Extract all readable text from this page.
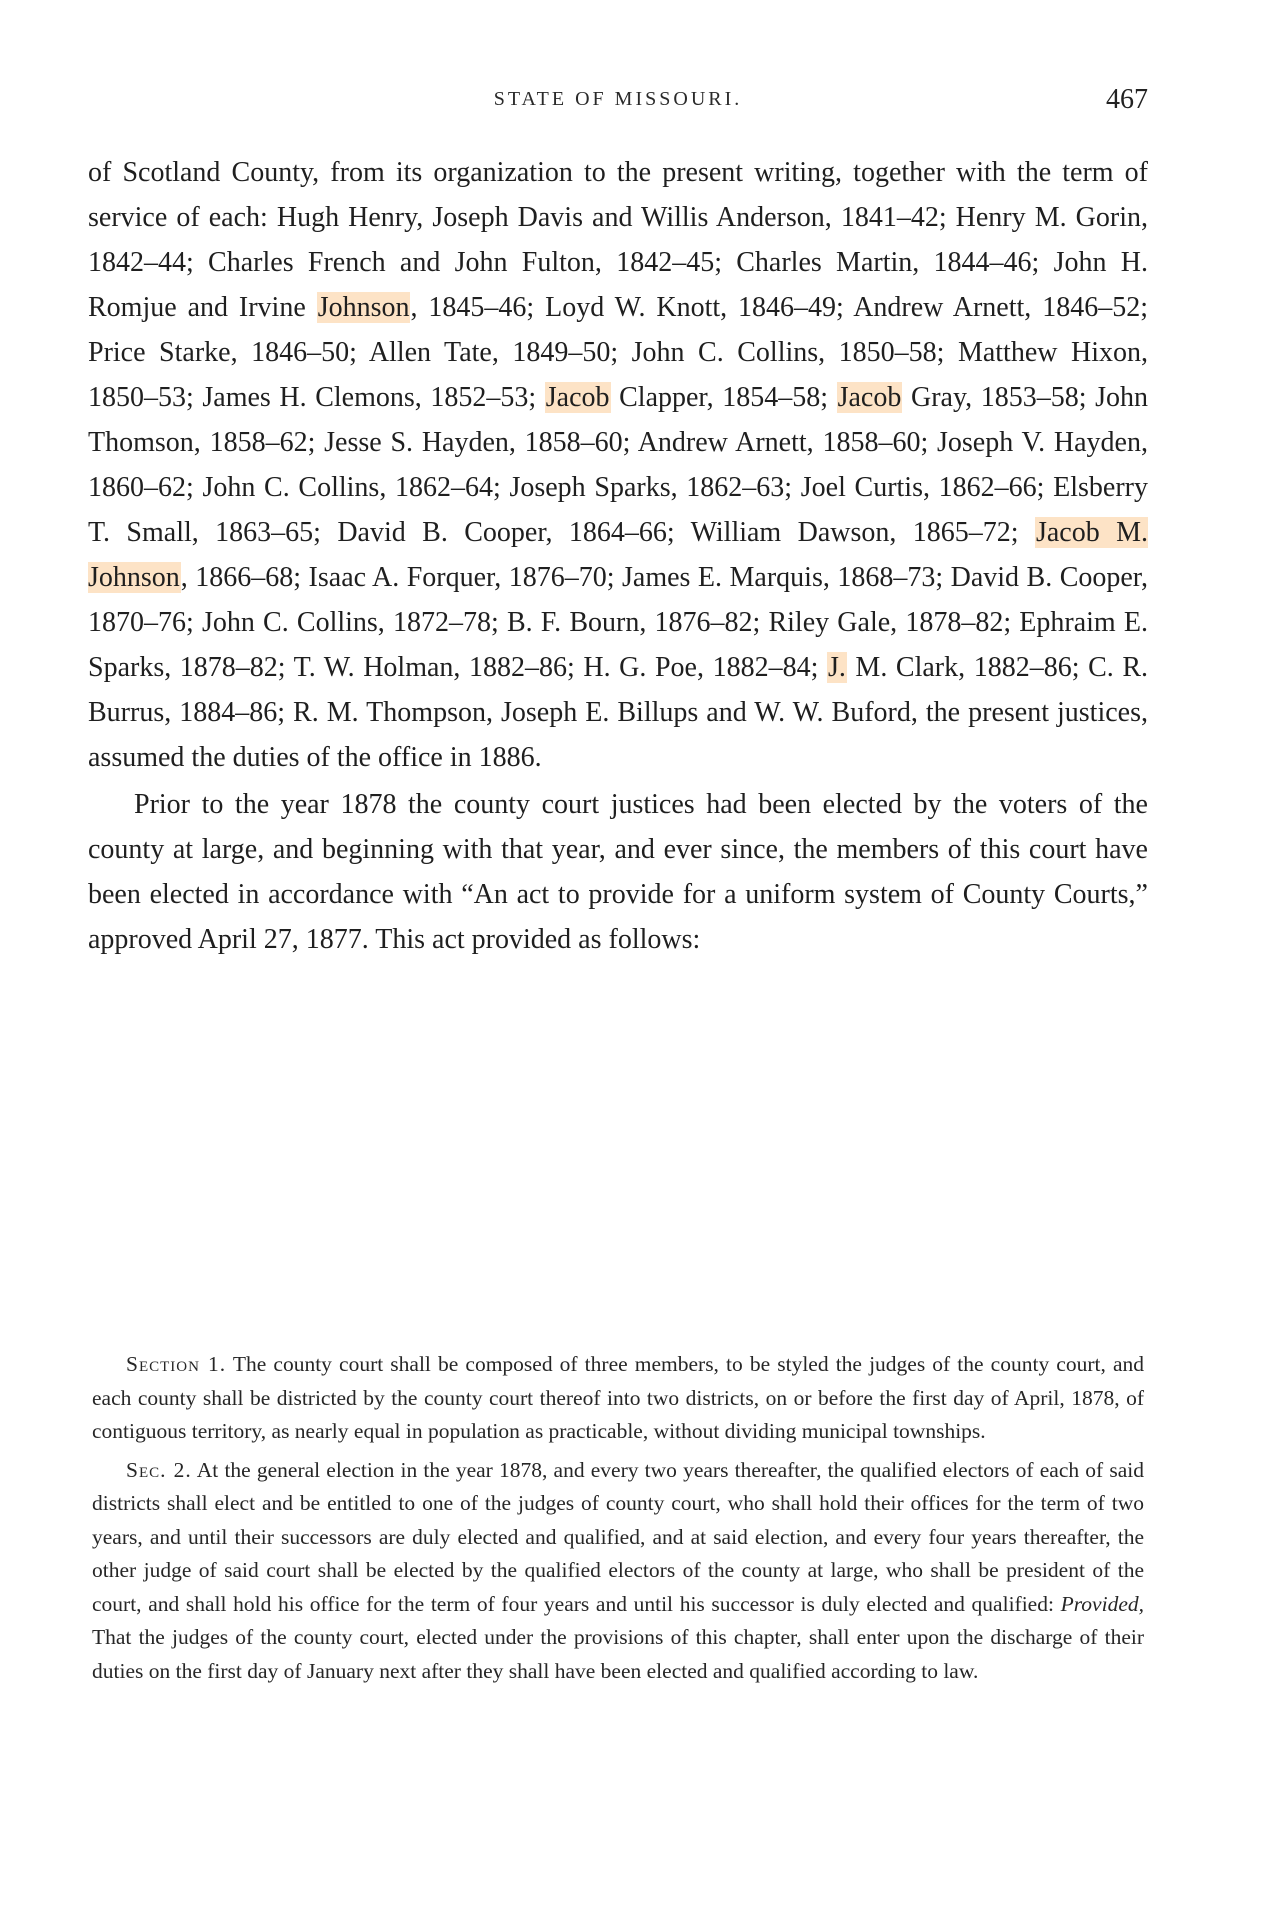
STATE OF MISSOURI.	467

of Scotland County, from its organization to the present writing, together with the term of service of each: Hugh Henry, Joseph Davis and Willis Anderson, 1841–42; Henry M. Gorin, 1842–44; Charles French and John Fulton, 1842–45; Charles Martin, 1844–46; John H. Romjue and Irvine Johnson, 1845–46; Loyd W. Knott, 1846–49; Andrew Arnett, 1846–52; Price Starke, 1846–50; Allen Tate, 1849–50; John C. Collins, 1850–58; Matthew Hixon, 1850–53; James H. Clemons, 1852–53; Jacob Clapper, 1854–58; Jacob Gray, 1853–58; John Thomson, 1858–62; Jesse S. Hayden, 1858–60; Andrew Arnett, 1858–60; Joseph V. Hayden, 1860–62; John C. Collins, 1862–64; Joseph Sparks, 1862–63; Joel Curtis, 1862–66; Elsberry T. Small, 1863–65; David B. Cooper, 1864–66; William Dawson, 1865–72; Jacob M. Johnson, 1866–68; Isaac A. Forquer, 1876–70; James E. Marquis, 1868–73; David B. Cooper, 1870–76; John C. Collins, 1872–78; B. F. Bourn, 1876–82; Riley Gale, 1878–82; Ephraim E. Sparks, 1878–82; T. W. Holman, 1882–86; H. G. Poe, 1882–84; J. M. Clark, 1882–86; C. R. Burrus, 1884–86; R. M. Thompson, Joseph E. Billups and W. W. Buford, the present justices, assumed the duties of the office in 1886.

Prior to the year 1878 the county court justices had been elected by the voters of the county at large, and beginning with that year, and ever since, the members of this court have been elected in accordance with “An act to provide for a uniform system of County Courts,” approved April 27, 1877. This act provided as follows:

Section 1. The county court shall be composed of three members, to be styled the judges of the county court, and each county shall be districted by the county court thereof into two districts, on or before the first day of April, 1878, of contiguous territory, as nearly equal in population as practicable, without dividing municipal townships.

Sec. 2. At the general election in the year 1878, and every two years thereafter, the qualified electors of each of said districts shall elect and be entitled to one of the judges of county court, who shall hold their offices for the term of two years, and until their successors are duly elected and qualified, and at said election, and every four years thereafter, the other judge of said court shall be elected by the qualified electors of the county at large, who shall be president of the court, and shall hold his office for the term of four years and until his successor is duly elected and qualified: Provided, That the judges of the county court, elected under the provisions of this chapter, shall enter upon the discharge of their duties on the first day of January next after they shall have been elected and qualified according to law.
